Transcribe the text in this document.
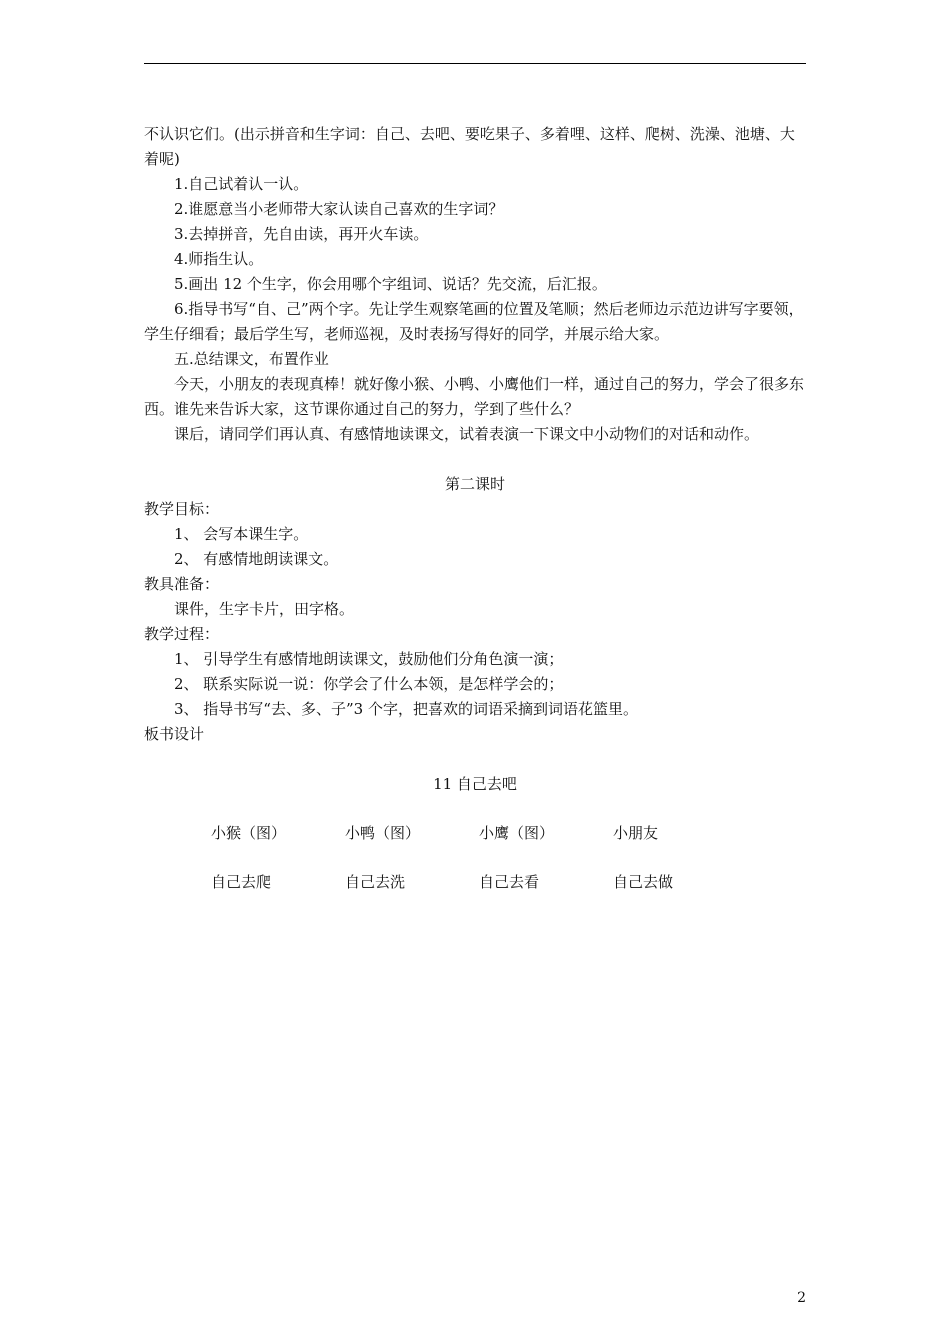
不认识它们。(出示拼音和生字词：自己、去吧、要吃果子、多着哩、这样、爬树、洗澡、池塘、大着呢)

1.自己试着认一认。

2.谁愿意当小老师带大家认读自己喜欢的生字词？

3.去掉拼音，先自由读，再开火车读。

4.师指生认。

5.画出 12 个生字，你会用哪个字组词、说话？先交流，后汇报。

6.指导书写“自、己”两个字。先让学生观察笔画的位置及笔顺；然后老师边示范边讲写字要领，学生仔细看；最后学生写，老师巡视，及时表扬写得好的同学，并展示给大家。

五.总结课文，布置作业

今天，小朋友的表现真棒！就好像小猴、小鸭、小鹰他们一样，通过自己的努力，学会了很多东西。谁先来告诉大家，这节课你通过自己的努力，学到了些什么？

课后，请同学们再认真、有感情地读课文，试着表演一下课文中小动物们的对话和动作。

第二课时

教学目标：

1、 会写本课生字。

2、 有感情地朗读课文。

教具准备：

课件，生字卡片，田字格。

教学过程：

1、 引导学生有感情地朗读课文，鼓励他们分角色演一演；

2、 联系实际说一说：你学会了什么本领，是怎样学会的；

3、 指导书写“去、多、子”3 个字，把喜欢的词语采摘到词语花篮里。

板书设计

11 自己去吧

小猴（图）	小鸭（图）	小鹰（图）	小朋友
自己去爬	自己去洗	自己去看	自己去做
2
